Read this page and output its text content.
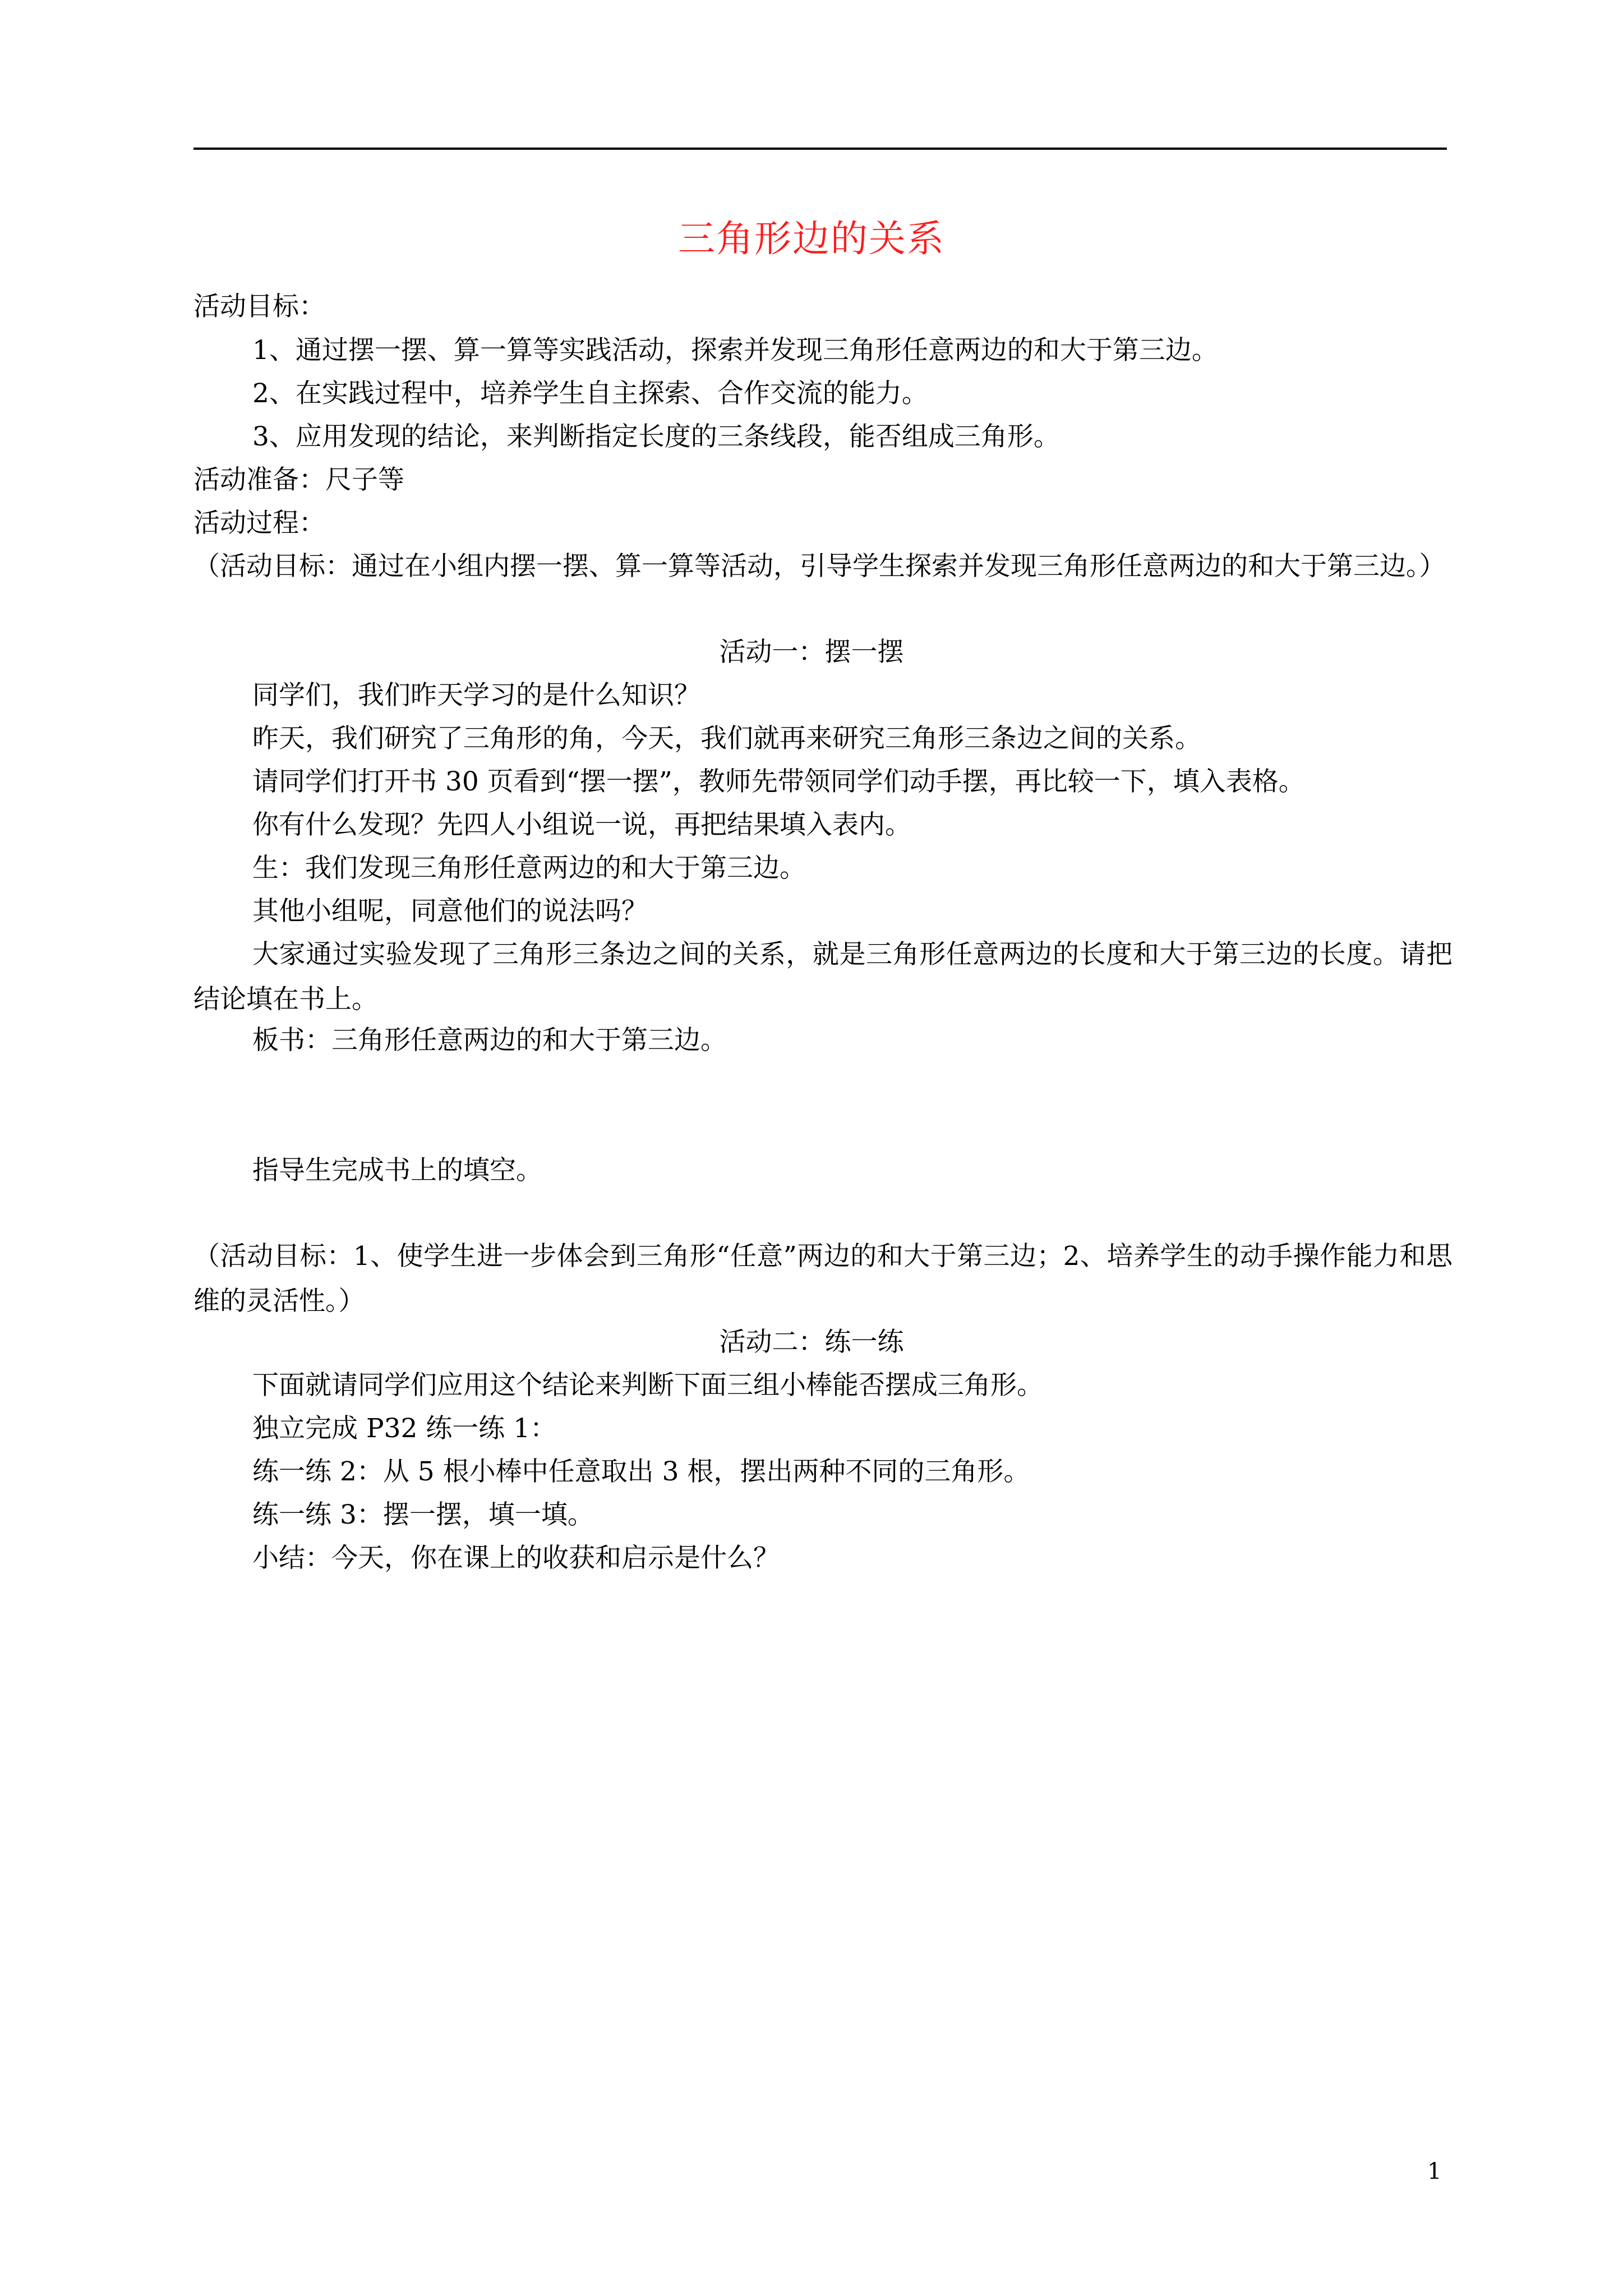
三角形边的关系
活动目标：
1、通过摆一摆、算一算等实践活动，探索并发现三角形任意两边的和大于第三边。
2、在实践过程中，培养学生自主探索、合作交流的能力。
3、应用发现的结论，来判断指定长度的三条线段，能否组成三角形。
活动准备：尺子等
活动过程：
（活动目标：通过在小组内摆一摆、算一算等活动，引导学生探索并发现三角形任意两边的和大于第三边。）
活动一：摆一摆
同学们，我们昨天学习的是什么知识？
昨天，我们研究了三角形的角，今天，我们就再来研究三角形三条边之间的关系。
请同学们打开书 30 页看到“摆一摆”，教师先带领同学们动手摆，再比较一下，填入表格。
你有什么发现？先四人小组说一说，再把结果填入表内。
生：我们发现三角形任意两边的和大于第三边。
其他小组呢，同意他们的说法吗？
大家通过实验发现了三角形三条边之间的关系，就是三角形任意两边的长度和大于第三边的长度。请把结论填在书上。
板书：三角形任意两边的和大于第三边。
指导生完成书上的填空。
（活动目标：1、使学生进一步体会到三角形“任意”两边的和大于第三边；2、培养学生的动手操作能力和思维的灵活性。）
活动二：练一练
下面就请同学们应用这个结论来判断下面三组小棒能否摆成三角形。
独立完成 P32 练一练 1：
练一练 2：从 5 根小棒中任意取出 3 根，摆出两种不同的三角形。
练一练 3：摆一摆，填一填。
小结：今天，你在课上的收获和启示是什么？
1
